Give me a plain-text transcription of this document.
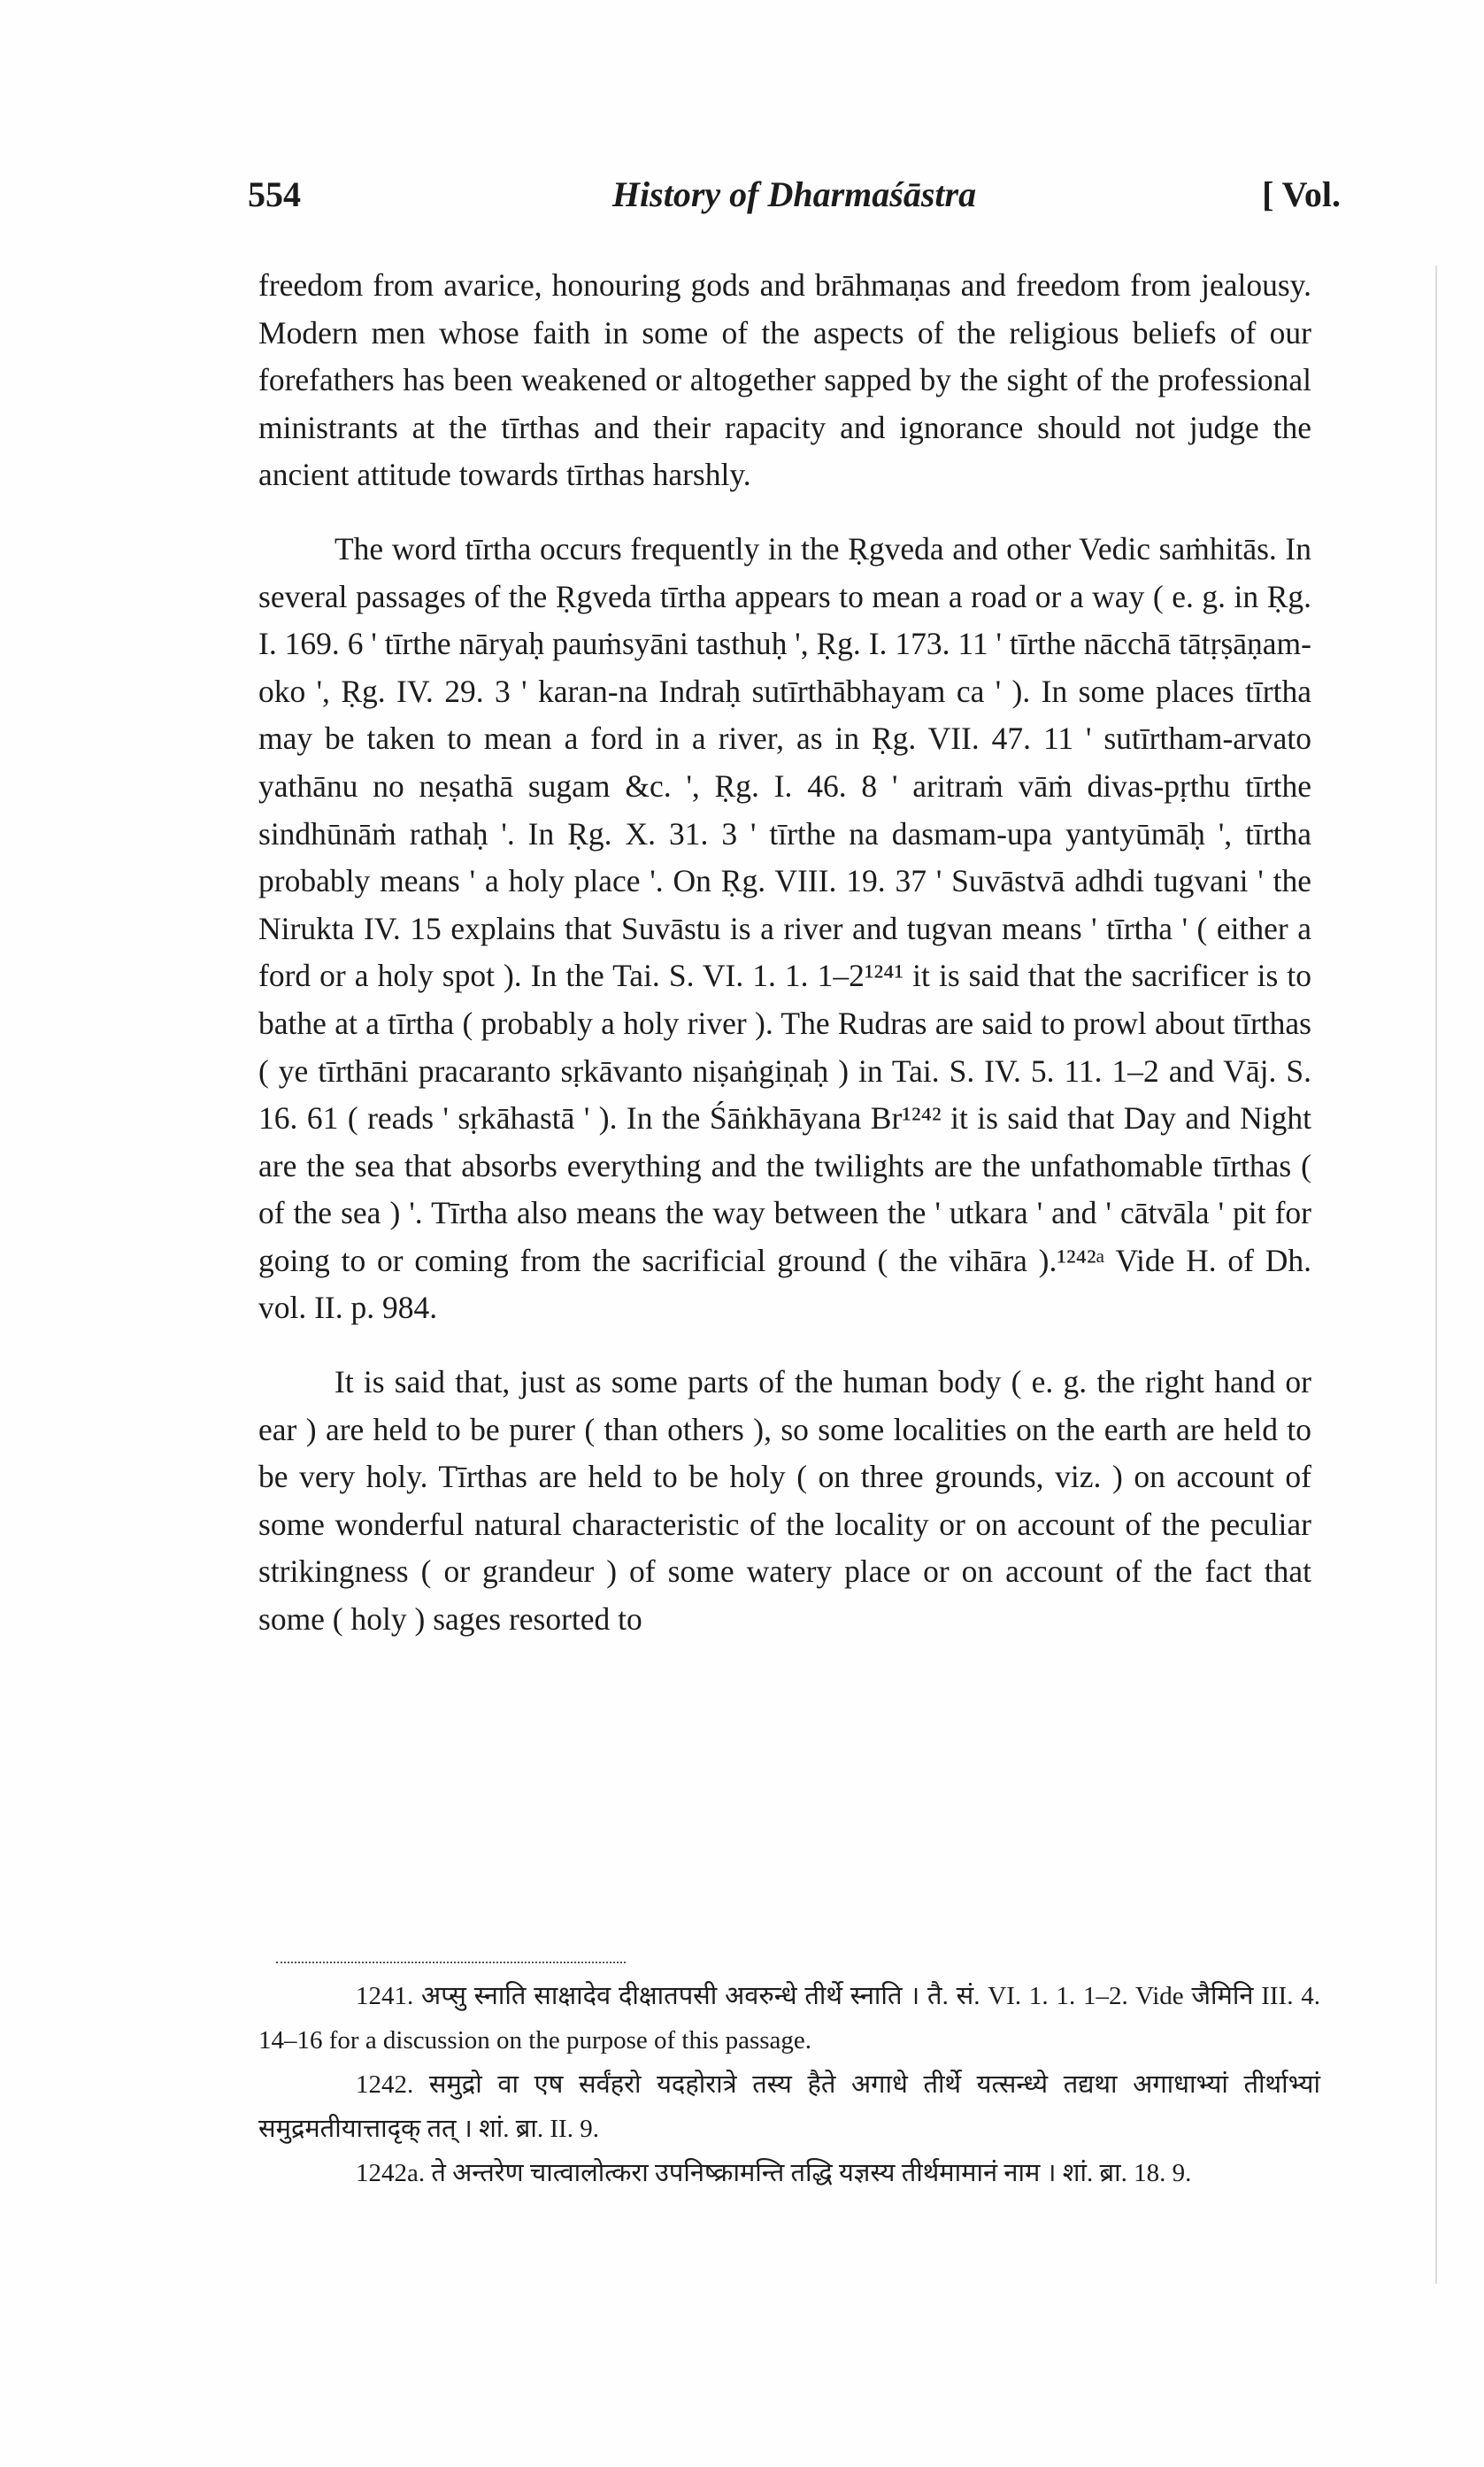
554	History of Dharmaśāstra	[ Vol.

freedom from avarice, honouring gods and brāhmaṇas and freedom from jealousy. Modern men whose faith in some of the aspects of the religious beliefs of our forefathers has been weakened or altogether sapped by the sight of the professional ministrants at the tīrthas and their rapacity and ignorance should not judge the ancient attitude towards tīrthas harshly.

The word tīrtha occurs frequently in the Ṛgveda and other Vedic saṁhitās. In several passages of the Ṛgveda tīrtha appears to mean a road or a way ( e. g. in Ṛg. I. 169. 6 ' tīrthe nāryaḥ pauṁsyāni tasthuḥ ', Ṛg. I. 173. 11 ' tīrthe nācchā tātṛṣāṇam-oko ', Ṛg. IV. 29. 3 ' karan-na Indraḥ sutīrthābhayam ca ' ). In some places tīrtha may be taken to mean a ford in a river, as in Ṛg. VII. 47. 11 ' sutīrtham-arvato yathānu no neṣathā sugam &c. ', Ṛg. I. 46. 8 ' aritraṁ vāṁ divas-pṛthu tīrthe sindhūnāṁ rathaḥ '. In Ṛg. X. 31. 3 ' tīrthe na dasmam-upa yantyūmāḥ ', tīrtha probably means ' a holy place '. On Ṛg. VIII. 19. 37 ' Suvāstvā adhdi tugvani ' the Nirukta IV. 15 explains that Suvāstu is a river and tugvan means ' tīrtha ' ( either a ford or a holy spot ). In the Tai. S. VI. 1. 1. 1–2¹²⁴¹ it is said that the sacrificer is to bathe at a tīrtha ( probably a holy river ). The Rudras are said to prowl about tīrthas ( ye tīrthāni pracaranto sṛkāvanto niṣaṅgiṇaḥ ) in Tai. S. IV. 5. 11. 1–2 and Vāj. S. 16. 61 ( reads ' sṛkāhastā ' ). In the Śāṅkhāyana Br¹²⁴² it is said that Day and Night are the sea that absorbs everything and the twilights are the unfathomable tīrthas ( of the sea ) '. Tīrtha also means the way between the ' utkara ' and ' cātvāla ' pit for going to or coming from the sacrificial ground ( the vihāra ).¹²⁴²ᵃ Vide H. of Dh. vol. II. p. 984.

It is said that, just as some parts of the human body ( e. g. the right hand or ear ) are held to be purer ( than others ), so some localities on the earth are held to be very holy. Tīrthas are held to be holy ( on three grounds, viz. ) on account of some wonderful natural characteristic of the locality or on account of the peculiar strikingness ( or grandeur ) of some watery place or on account of the fact that some ( holy ) sages resorted to

1241. अप्सु स्नाति साक्षादेव दीक्षातपसी अवरुन्धे तीर्थे स्नाति । तै. सं. VI. 1. 1. 1–2. Vide जैमिनि III. 4. 14–16 for a discussion on the purpose of this passage.

1242. समुद्रो वा एष सर्वंहरो यदहोरात्रे तस्य हैते अगाधे तीर्थे यत्सन्ध्ये तद्यथा अगाधाभ्यां तीर्थाभ्यां समुद्रमतीयात्तादृक् तत् । शां. ब्रा. II. 9.

1242a. ते अन्तरेण चात्वालोत्करा उपनिष्क्रामन्ति तद्धि यज्ञस्य तीर्थमामानं नाम । शां. ब्रा. 18. 9.
